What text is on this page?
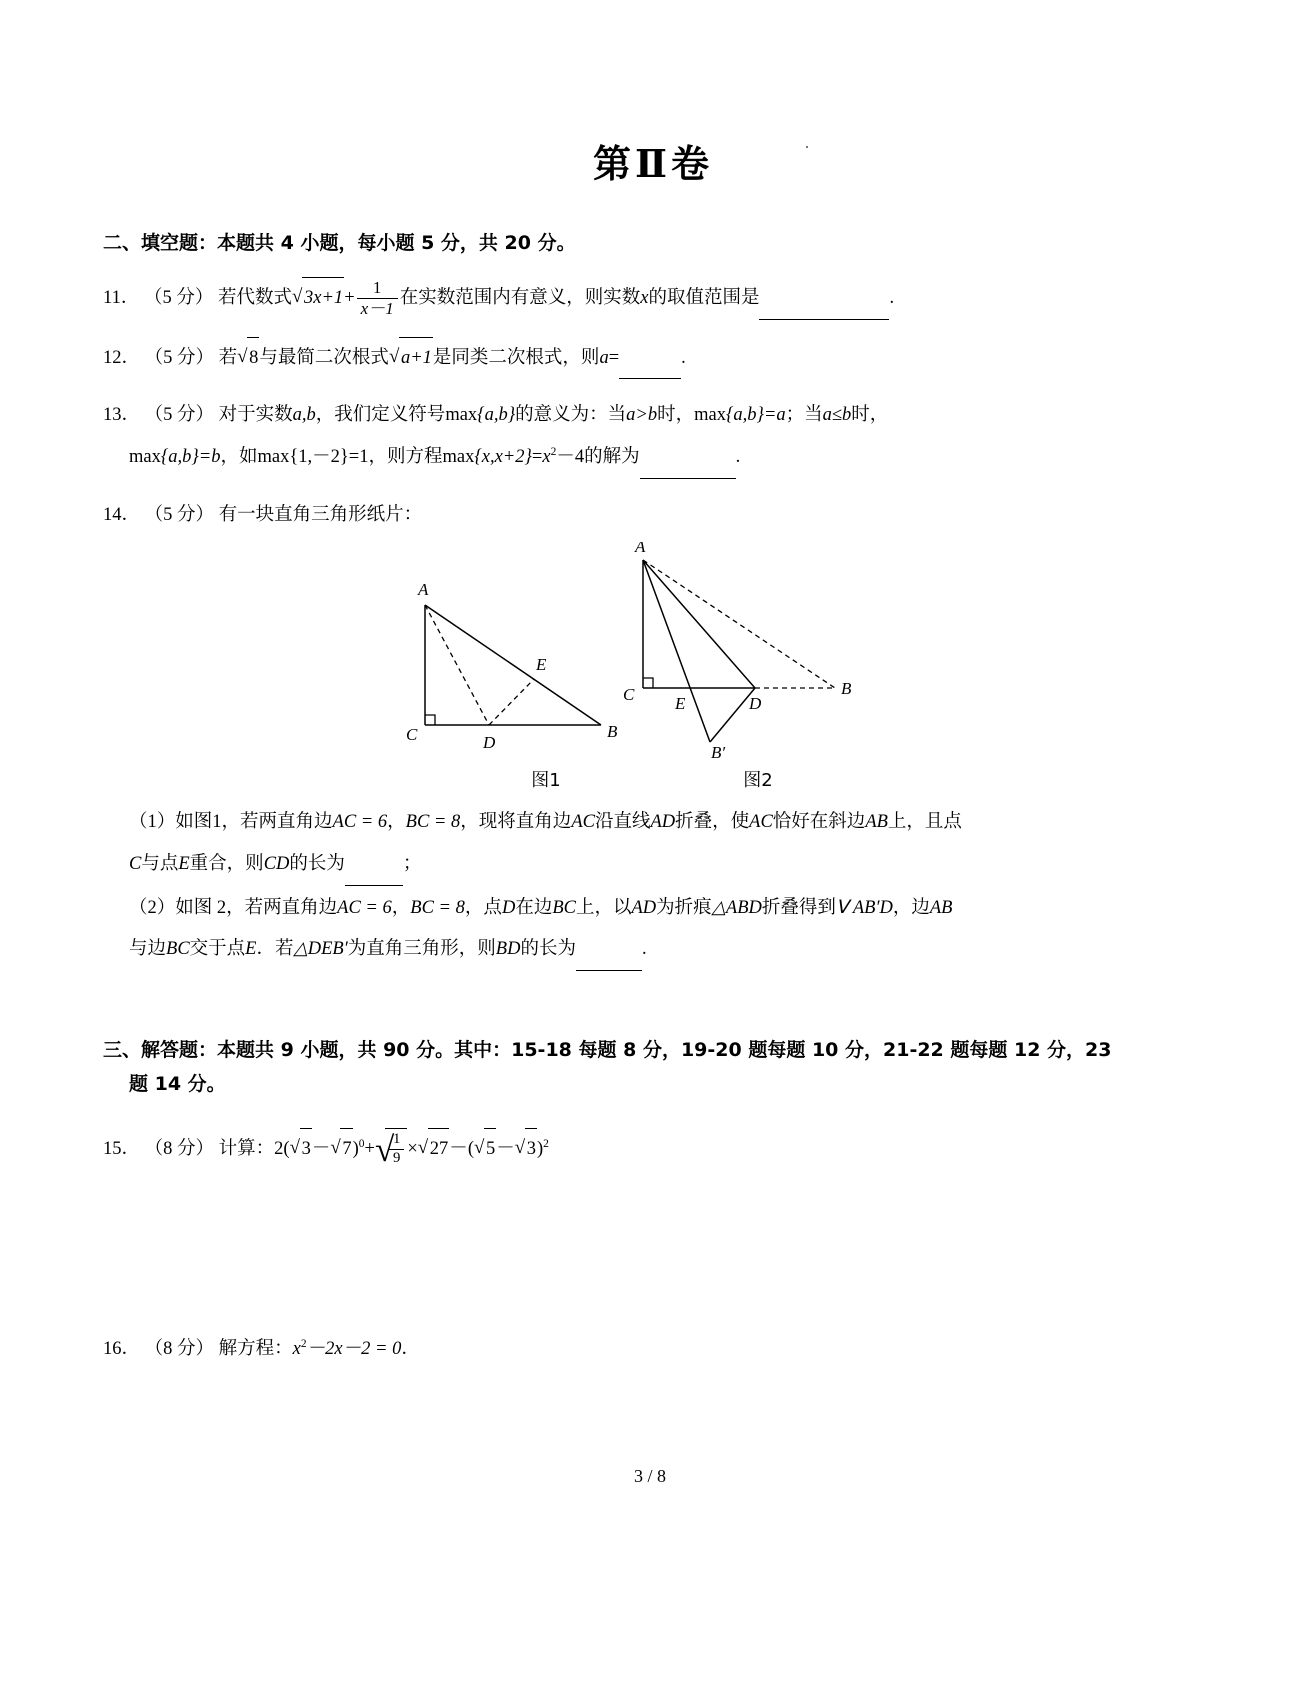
第Ⅱ卷
二、填空题：本题共 4 小题，每小题 5 分，共 20 分。
11． （5 分） 若代数式 √ $3x+1+ \frac{1}{x-1}$ 在实数范围内有意义，则实数x的取值范围是	.
12． （5 分） 若 √ 8与最简二次根式 √ a+1是同类二次根式，则a=	.
13． （5 分） 对于实数a,b，我们定义符号max{a,b}的意义为：当a>b时，max{a,b}=a；当a≤b时，
max{a,b}=b，如max{1,－2}=1，则方程$\max\{x,x+2\}=x^2-4$的解为	.
14． （5 分） 有一块直角三角形纸片：
A
C	D
B
E
A
C E	D
B
B′
图1	图2
（1）如图1，若两直角边AC = 6，BC = 8，现将直角边AC沿直线AD折叠，使AC恰好在斜边AB上，且点
C与点E重合，则CD的长为	；
（2）如图 2，若两直角边AC = 6，BC = 8，点D在边BC上，以AD为折痕△ABD折叠得到Ⅴ AB′D，边AB
与边BC交于点E．若△DEB′为直角三角形，则BD的长为	.
三、解答题：本题共 9 小题，共 90 分。其中：15-18 每题 8 分，19-20 题每题 10 分，21-22 题每题 12 分，23
题 14 分。
15． （8 分） 计算：2( √ 3－ √ 7)$^0$+ √
$\frac{1}{9}$ × √ 27－( √ 5－ √ 3)$^2$
16． （8 分） 解方程：$x^2-2x-2 = 0$．
3 / 8
